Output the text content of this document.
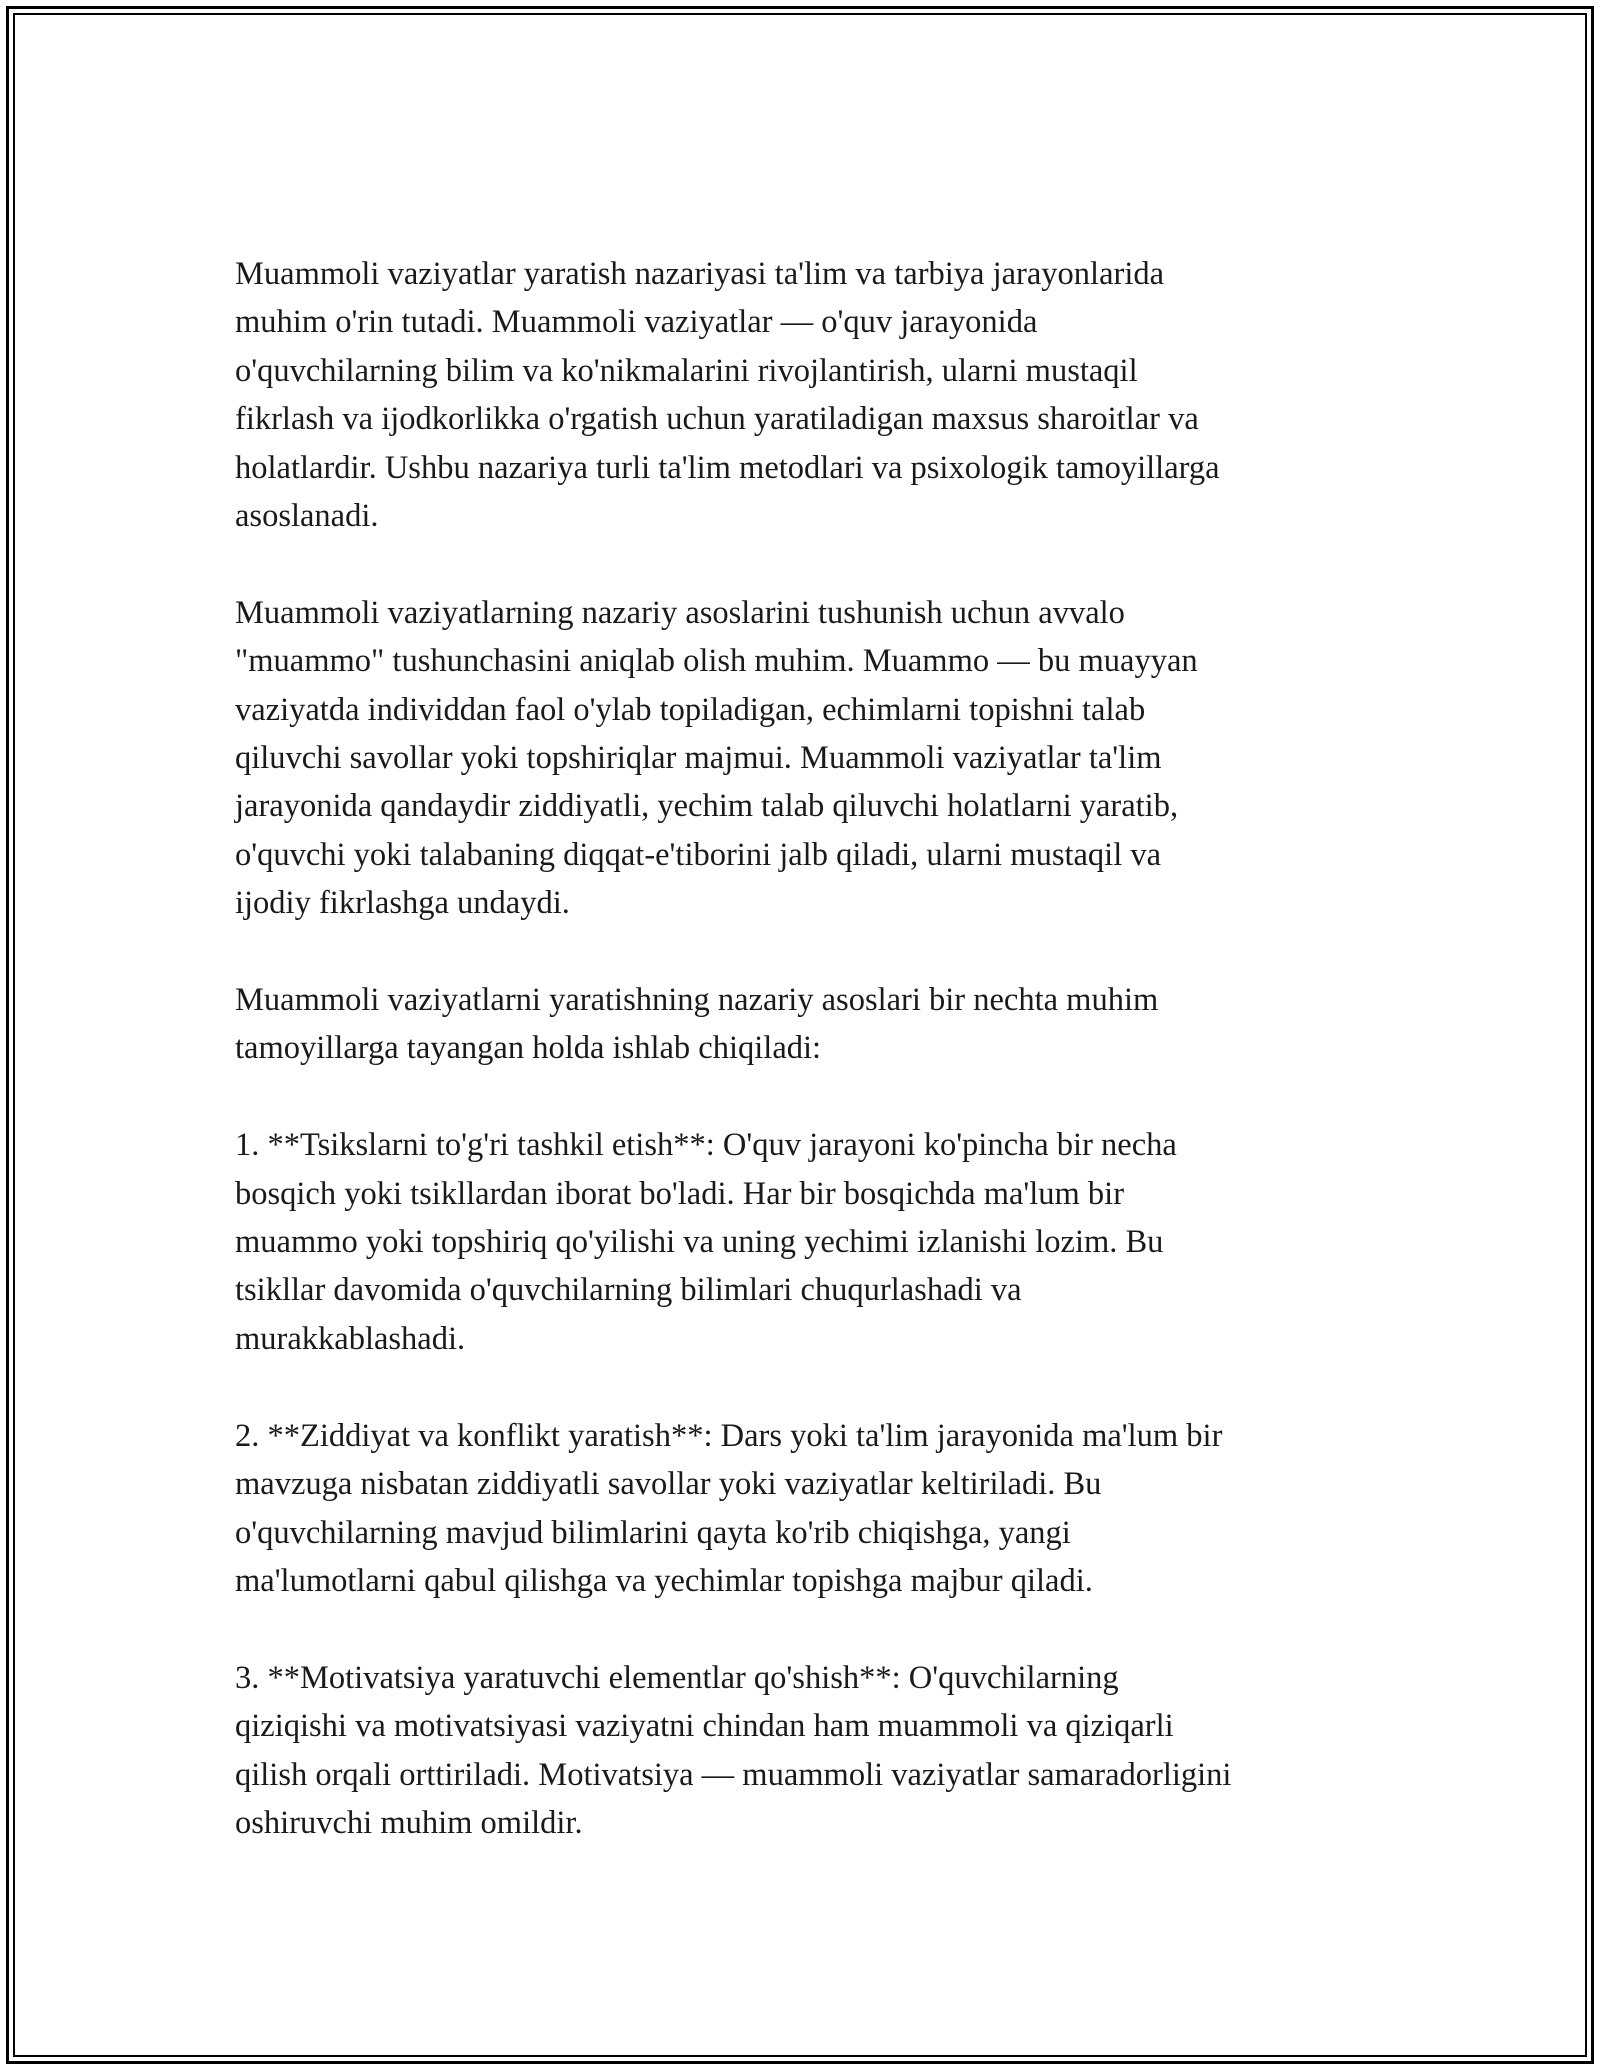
Muammoli vaziyatlar yaratish nazariyasi ta'lim va tarbiya jarayonlarida
muhim o'rin tutadi. Muammoli vaziyatlar — o'quv jarayonida
o'quvchilarning bilim va ko'nikmalarini rivojlantirish, ularni mustaqil
fikrlash va ijodkorlikka o'rgatish uchun yaratiladigan maxsus sharoitlar va
holatlardir. Ushbu nazariya turli ta'lim metodlari va psixologik tamoyillarga
asoslanadi.

Muammoli vaziyatlarning nazariy asoslarini tushunish uchun avvalo
"muammo" tushunchasini aniqlab olish muhim. Muammo — bu muayyan
vaziyatda individdan faol o'ylab topiladigan, echimlarni topishni talab
qiluvchi savollar yoki topshiriqlar majmui. Muammoli vaziyatlar ta'lim
jarayonida qandaydir ziddiyatli, yechim talab qiluvchi holatlarni yaratib,
o'quvchi yoki talabaning diqqat-e'tiborini jalb qiladi, ularni mustaqil va
ijodiy fikrlashga undaydi.

Muammoli vaziyatlarni yaratishning nazariy asoslari bir nechta muhim
tamoyillarga tayangan holda ishlab chiqiladi:

1. **Tsikslarni to'g'ri tashkil etish**: O'quv jarayoni ko'pincha bir necha
bosqich yoki tsikllardan iborat bo'ladi. Har bir bosqichda ma'lum bir
muammo yoki topshiriq qo'yilishi va uning yechimi izlanishi lozim. Bu
tsikllar davomida o'quvchilarning bilimlari chuqurlashadi va
murakkablashadi.

2. **Ziddiyat va konflikt yaratish**: Dars yoki ta'lim jarayonida ma'lum bir
mavzuga nisbatan ziddiyatli savollar yoki vaziyatlar keltiriladi. Bu
o'quvchilarning mavjud bilimlarini qayta ko'rib chiqishga, yangi
ma'lumotlarni qabul qilishga va yechimlar topishga majbur qiladi.

3. **Motivatsiya yaratuvchi elementlar qo'shish**: O'quvchilarning
qiziqishi va motivatsiyasi vaziyatni chindan ham muammoli va qiziqarli
qilish orqali orttiriladi. Motivatsiya — muammoli vaziyatlar samaradorligini
oshiruvchi muhim omildir.
